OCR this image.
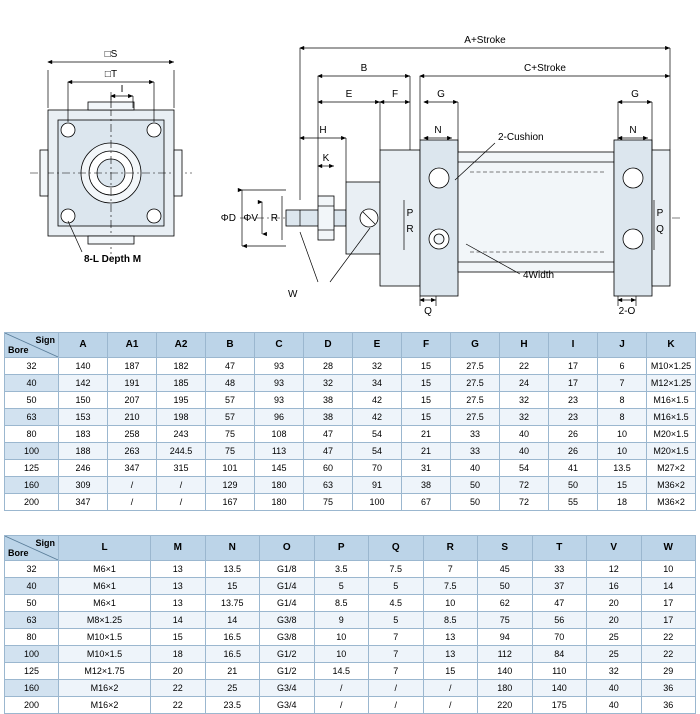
□S
□T
I
8-L Depth M
A+Stroke
C+Stroke
B
E	F	G	G
H
K
N	N
ΦD ΦV R	P
R
P
Q
Q	2-O
2-Cushion
4Width
W
Sign
Bore	A	A1	A2	B	C	D	E	F	G	H	I	J	K
32	140	187	182	47	93	28	32	15	27.5	22	17	6	M10×1.25
40	142	191	185	48	93	32	34	15	27.5	24	17	7	M12×1.25
50	150	207	195	57	93	38	42	15	27.5	32	23	8	M16×1.5
63	153	210	198	57	96	38	42	15	27.5	32	23	8	M16×1.5
80	183	258	243	75	108	47	54	21	33	40	26	10	M20×1.5
100	188	263	244.5	75	113	47	54	21	33	40	26	10	M20×1.5
125	246	347	315	101	145	60	70	31	40	54	41	13.5	M27×2
160	309	/	/	129	180	63	91	38	50	72	50	15	M36×2
200	347	/	/	167	180	75	100	67	50	72	55	18	M36×2
Sign
Bore	L	M	N	O	P	Q	R	S	T	V	W
32	M6×1	13	13.5	G1/8	3.5	7.5	7	45	33	12	10
40	M6×1	13	15	G1/4	5	5	7.5	50	37	16	14
50	M6×1	13	13.75	G1/4	8.5	4.5	10	62	47	20	17
63	M8×1.25	14	14	G3/8	9	5	8.5	75	56	20	17
80	M10×1.5	15	16.5	G3/8	10	7	13	94	70	25	22
100	M10×1.5	18	16.5	G1/2	10	7	13	112	84	25	22
125	M12×1.75	20	21	G1/2	14.5	7	15	140	110	32	29
160	M16×2	22	25	G3/4	/	/	/	180	140	40	36
200	M16×2	22	23.5	G3/4	/	/	/	220	175	40	36
